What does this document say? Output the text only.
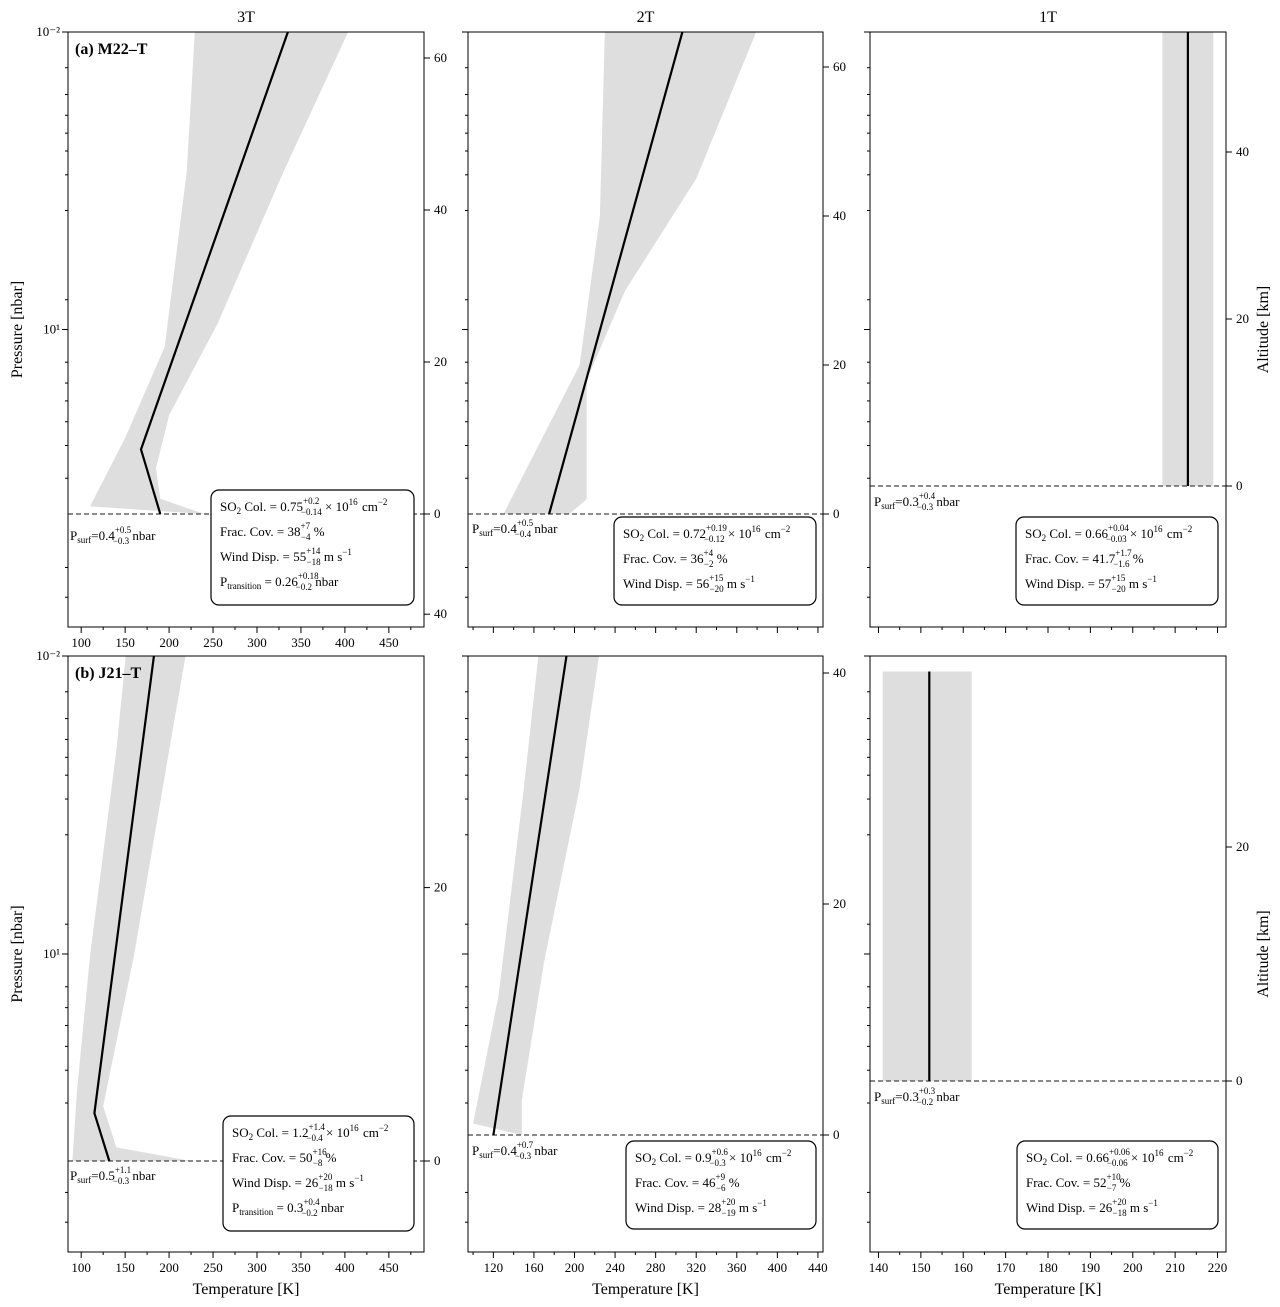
100 150 200 250 300 350 400 450
10⁻²
10¹
0
20
40
60
3T
(a) M22–T
Pressure [nbar]
$P_{surf}=0.4^{+0.5} -0.3$ nbar
$SO_2$ Col. = $0.75^{+0.2} -0.14 \times 10^{16}$  $cm^{-2}$
Frac. Cov. = $38^{+7} -4$ %
Wind Disp. = $55^{+14} -18$ m $s^{-1}$ 
$P_{transition} = 0.26^{+0.18} -0.2$ nbar
0
20
40
60
2T
$P_{surf}=0.4^{+0.5} -0.4$ nbar	$SO_2$ Col. = $0.72^{+0.19} -0.12 \times 10^{16}$  $cm^{-2}$
Frac. Cov. = $36^{+4} -2$ %
Wind Disp. = $56^{+15} -20$ m $s^{-1}$ 
0
20
40
1T
Altitude [km]
$P_{surf}=0.3^{+0.4} -0.3$ nbar
$SO_2$ Col. = $0.66^{+0.04} -0.03 \times 10^{16}$  $cm^{-2}$
Frac. Cov. = $41.7^{+1.7} -1.6$ %
Wind Disp. = $57^{+15} -20$ m $s^{-1}$ 
100 150 200 250 300 350 400 450
10⁻²
10¹
0
20
40
(b) J21–T
Temperature [K]
Pressure [nbar]
$P_{surf}=0.5^{+1.1} -0.3$ nbar
$SO_2$ Col. = $1.2^{+1.4} -0.4 \times 10^{16}$  $cm^{-2}$
Frac. Cov. = $50^{+16} -8$ %
Wind Disp. = $26^{+20} -18$ m $s^{-1}$ 
$P_{transition} = 0.3^{+0.4} -0.2$ nbar
120 160 200 240 280 320 360 400 440
0
20
40
Temperature [K]
$P_{surf}=0.4^{+0.7} -0.3$ nbar	$SO_2$ Col. = $0.9^{+0.6} -0.3 \times 10^{16}$  $cm^{-2}$
Frac. Cov. = $46^{+9} -6$ %
Wind Disp. = $28^{+20} -19$ m $s^{-1}$ 
140 150 160 170 180 190 200 210 220
0
20
Temperature [K]
Altitude [km]
$P_{surf}=0.3^{+0.3} -0.2$ nbar
$SO_2$ Col. = $0.66^{+0.06} -0.06 \times 10^{16}$  $cm^{-2}$
Frac. Cov. = $52^{+10} -7$ %
Wind Disp. = $26^{+20} -18$ m $s^{-1}$ 
